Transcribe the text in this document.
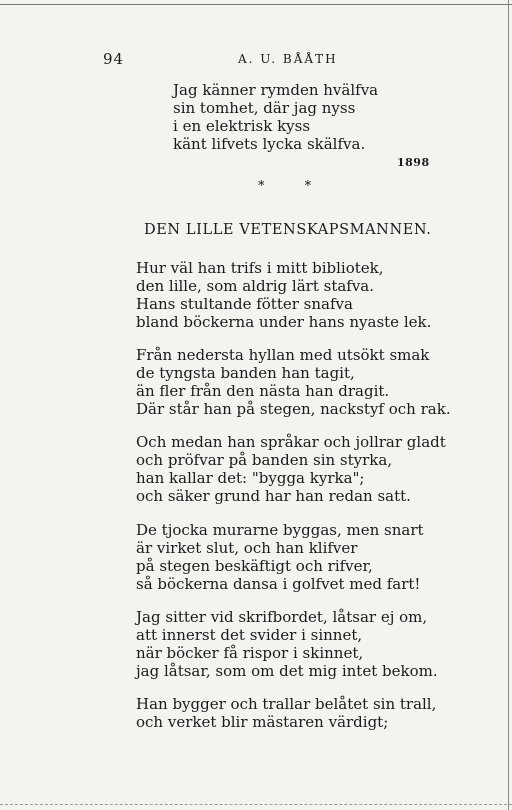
94	A. U. BÅÅTH
Jag känner rymden hvälfva
sin tomhet, där jag nyss
i en elektrisk kyss
känt lifvets lycka skälfva.
1898
* *
DEN LILLE VETENSKAPSMANNEN.
Hur väl han trifs i mitt bibliotek,
den lille, som aldrig lärt stafva.
Hans stultande fötter snafva
bland böckerna under hans nyaste lek.
Från nedersta hyllan med utsökt smak
de tyngsta banden han tagit,
än fler från den nästa han dragit.
Där står han på stegen, nackstyf och rak.
Och medan han språkar och jollrar gladt
och pröfvar på banden sin styrka,
han kallar det: "bygga kyrka";
och säker grund har han redan satt.
De tjocka murarne byggas, men snart
är virket slut, och han klifver
på stegen beskäftigt och rifver,
så böckerna dansa i golfvet med fart!
Jag sitter vid skrifbordet, låtsar ej om,
att innerst det svider i sinnet,
när böcker få rispor i skinnet,
jag låtsar, som om det mig intet bekom.
Han bygger och trallar belåtet sin trall,
och verket blir mästaren värdigt;
